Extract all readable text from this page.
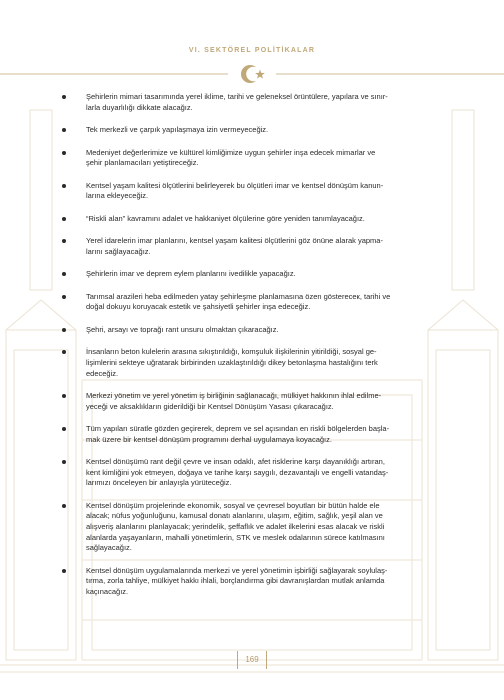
VI. SEKTÖREL POLİTİKALAR
Şehirlerin mimari tasarımında yerel iklime, tarihi ve geleneksel örüntülere, yapılara ve sınır-
larla duyarlılığı dikkate alacağız.
Tek merkezli ve çarpık yapılaşmaya izin vermeyeceğiz.
Medeniyet değerlerimize ve kültürel kimliğimize uygun şehirler inşa edecek mimarlar ve
şehir planlamacıları yetiştireceğiz.
Kentsel yaşam kalitesi ölçütlerini belirleyerek bu ölçütleri imar ve kentsel dönüşüm kanun-
larına ekleyeceğiz.
“Riskli alan” kavramını adalet ve hakkaniyet ölçülerine göre yeniden tanımlayacağız.
Yerel idarelerin imar planlarını, kentsel yaşam kalitesi ölçütlerini göz önüne alarak yapma-
larını sağlayacağız.
Şehirlerin imar ve deprem eylem planlarını ivedilikle yapacağız.
Tarımsal arazileri heba edilmeden yatay şehirleşme planlamasına özen göstereceк, tarihi ve
doğal dokuyu koruyacak estetik ve şahsiyetli şehirler inşa edeceğiz.
Şehri, arsayı ve toprağı rant unsuru olmaktan çıkaracağız.
İnsanların beton kulelerin arasına sıkıştırıldığı, komşuluk ilişkilerinin yitirildiği, sosyal ge-
lişimlerini sekteye uğratarak birbirinden uzaklaştırıldığı dikey betonlaşma hastalığını terk
edeceğiz.
Merkezi yönetim ve yerel yönetim iş birliğinin sağlanacağı, mülkiyet hakkının ihlal edilme-
yeceği ve aksaklıkların giderildiği bir Kentsel Dönüşüm Yasası çıkaracağız.
Tüm yapıları süratle gözden geçirerek, deprem ve sel açısından en riskli bölgelerden başla-
mak üzere bir kentsel dönüşüm programını derhal uygulamaya koyacağız.
Kentsel dönüşümü rant değil çevre ve insan odaklı, afet risklerine karşı dayanıklığı artıran,
kent kimliğini yok etmeyen, doğaya ve tarihe karşı saygılı, dezavantajlı ve engelli vatandaş-
larımızı önceleyen bir anlayışla yürüteceğiz.
Kentsel dönüşüm projelerinde ekonomik, sosyal ve çevresel boyutları bir bütün halde ele
alacak; nüfus yoğunluğunu, kamusal donatı alanlarını, ulaşım, eğitim, sağlık, yeşil alan ve
alışveriş alanlarını planlayacak; yerindelik, şeffaflık ve adalet ilkelerini esas alacak ve riskli
alanlarda yaşayanların, mahalli yönetimlerin, STK ve meslek odalarının sürece katılmasını
sağlayacağız.
Kentsel dönüşüm uygulamalarında merkezi ve yerel yönetimin işbirliği sağlayarak soylulaş-
tırma, zorla tahliye, mülkiyet hakkı ihlali, borçlandırma gibi davranışlardan mutlak anlamda
kaçınacağız.
169
